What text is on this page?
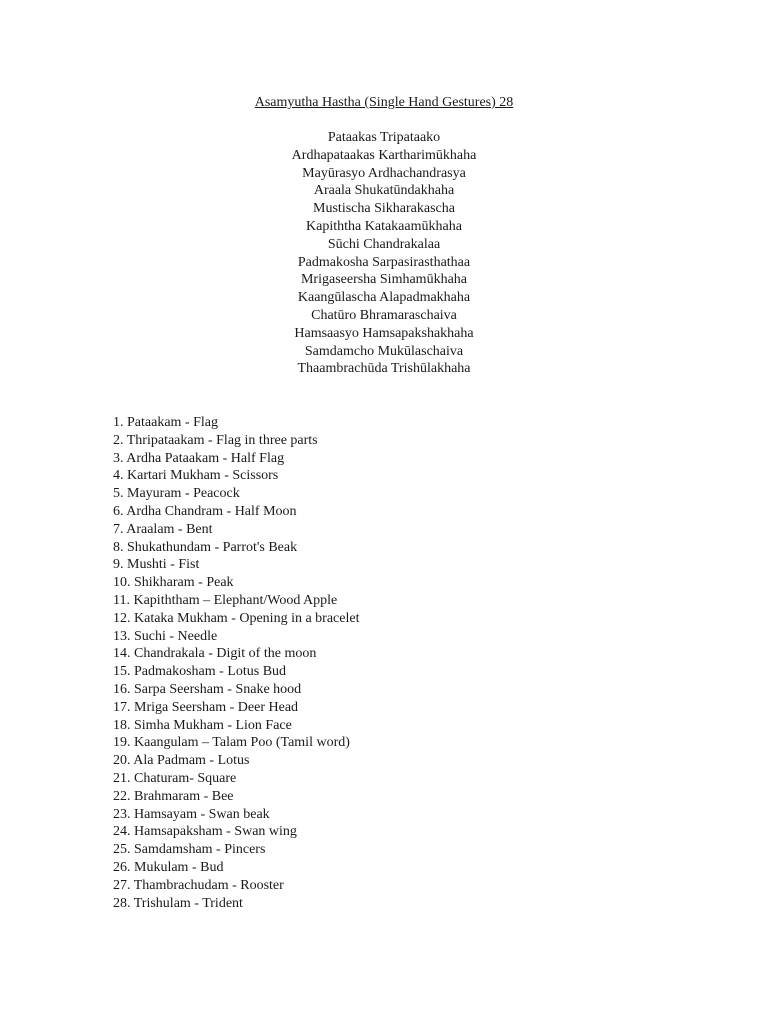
Asamyutha Hastha (Single Hand Gestures) 28
Pataakas Tripataako
Ardhapataakas Kartharimūkhaha
Mayūrasyo Ardhachandrasya
Araala Shukatūndakhaha
Mustischa Sikharakascha
Kapiththa Katakaamūkhaha
Sūchi Chandrakalaa
Padmakosha Sarpasirasthathaa
Mrigaseersha Simhamūkhaha
Kaangūlascha Alapadmakhaha
Chatūro Bhramaraschaiva
Hamsaasyo Hamsapakshakhaha
Samdamcho Mukūlaschaiva
Thaambrachūda Trishūlakhaha
1. Pataakam - Flag
2. Thripataakam - Flag in three parts
3. Ardha Pataakam - Half Flag
4. Kartari Mukham - Scissors
5. Mayuram - Peacock
6. Ardha Chandram - Half Moon
7. Araalam - Bent
8. Shukathundam - Parrot's Beak
9. Mushti - Fist
10. Shikharam - Peak
11. Kapiththam – Elephant/Wood Apple
12. Kataka Mukham - Opening in a bracelet
13. Suchi - Needle
14. Chandrakala - Digit of the moon
15. Padmakosham - Lotus Bud
16. Sarpa Seersham - Snake hood
17. Mriga Seersham - Deer Head
18. Simha Mukham - Lion Face
19. Kaangulam – Talam Poo (Tamil word)
20. Ala Padmam - Lotus
21. Chaturam- Square
22. Brahmaram - Bee
23. Hamsayam - Swan beak
24. Hamsapaksham - Swan wing
25. Samdamsham - Pincers
26. Mukulam - Bud
27. Thambrachudam - Rooster
28. Trishulam - Trident
